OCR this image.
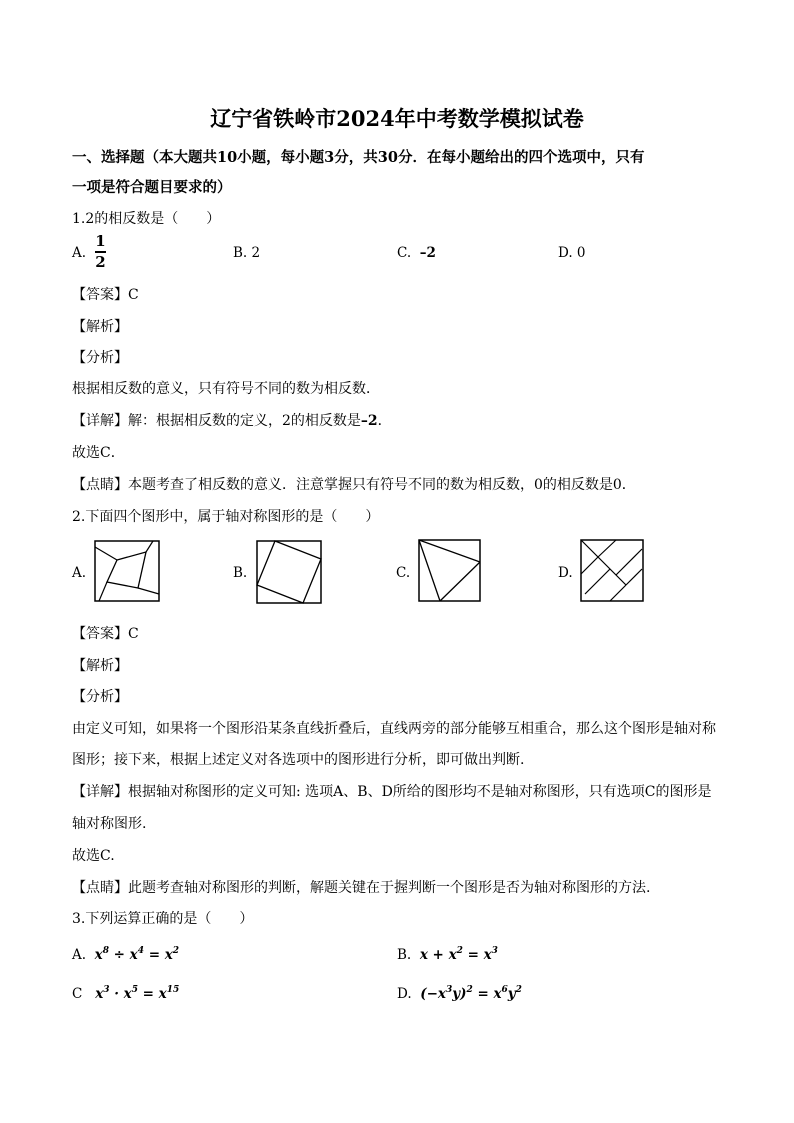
辽宁省铁岭市2024年中考数学模拟试卷
一、选择题（本大题共10小题，每小题3分，共30分．在每小题给出的四个选项中，只有
一项是符合题目要求的）
1.2的相反数是（　　）
A.
1
2	B. 2	C. –2	D. 0
【答案】C
【解析】
【分析】
根据相反数的意义，只有符号不同的数为相反数．
【详解】解：根据相反数的定义，2的相反数是–2．
故选C．
【点睛】本题考查了相反数的意义．注意掌握只有符号不同的数为相反数，0的相反数是0．
2.下面四个图形中，属于轴对称图形的是（　　）
A.	B.	C.	D.
【答案】C
【解析】
【分析】
由定义可知，如果将一个图形沿某条直线折叠后，直线两旁的部分能够互相重合，那么这个图形是轴对称
图形；接下来，根据上述定义对各选项中的图形进行分析，即可做出判断.
【详解】根据轴对称图形的定义可知: 选项A、B、D所给的图形均不是轴对称图形，只有选项C的图形是
轴对称图形.
故选C.
【点睛】此题考查轴对称图形的判断，解题关键在于握判断一个图形是否为轴对称图形的方法.
3.下列运算正确的是（　　）
A. $x^8 \div x^4 = x^2$	B. $x + x^2 = x^3$
C $x^3 \cdot x^5 = x^{15}$	D. $(-x^3y)^2 = x^6y^2$
